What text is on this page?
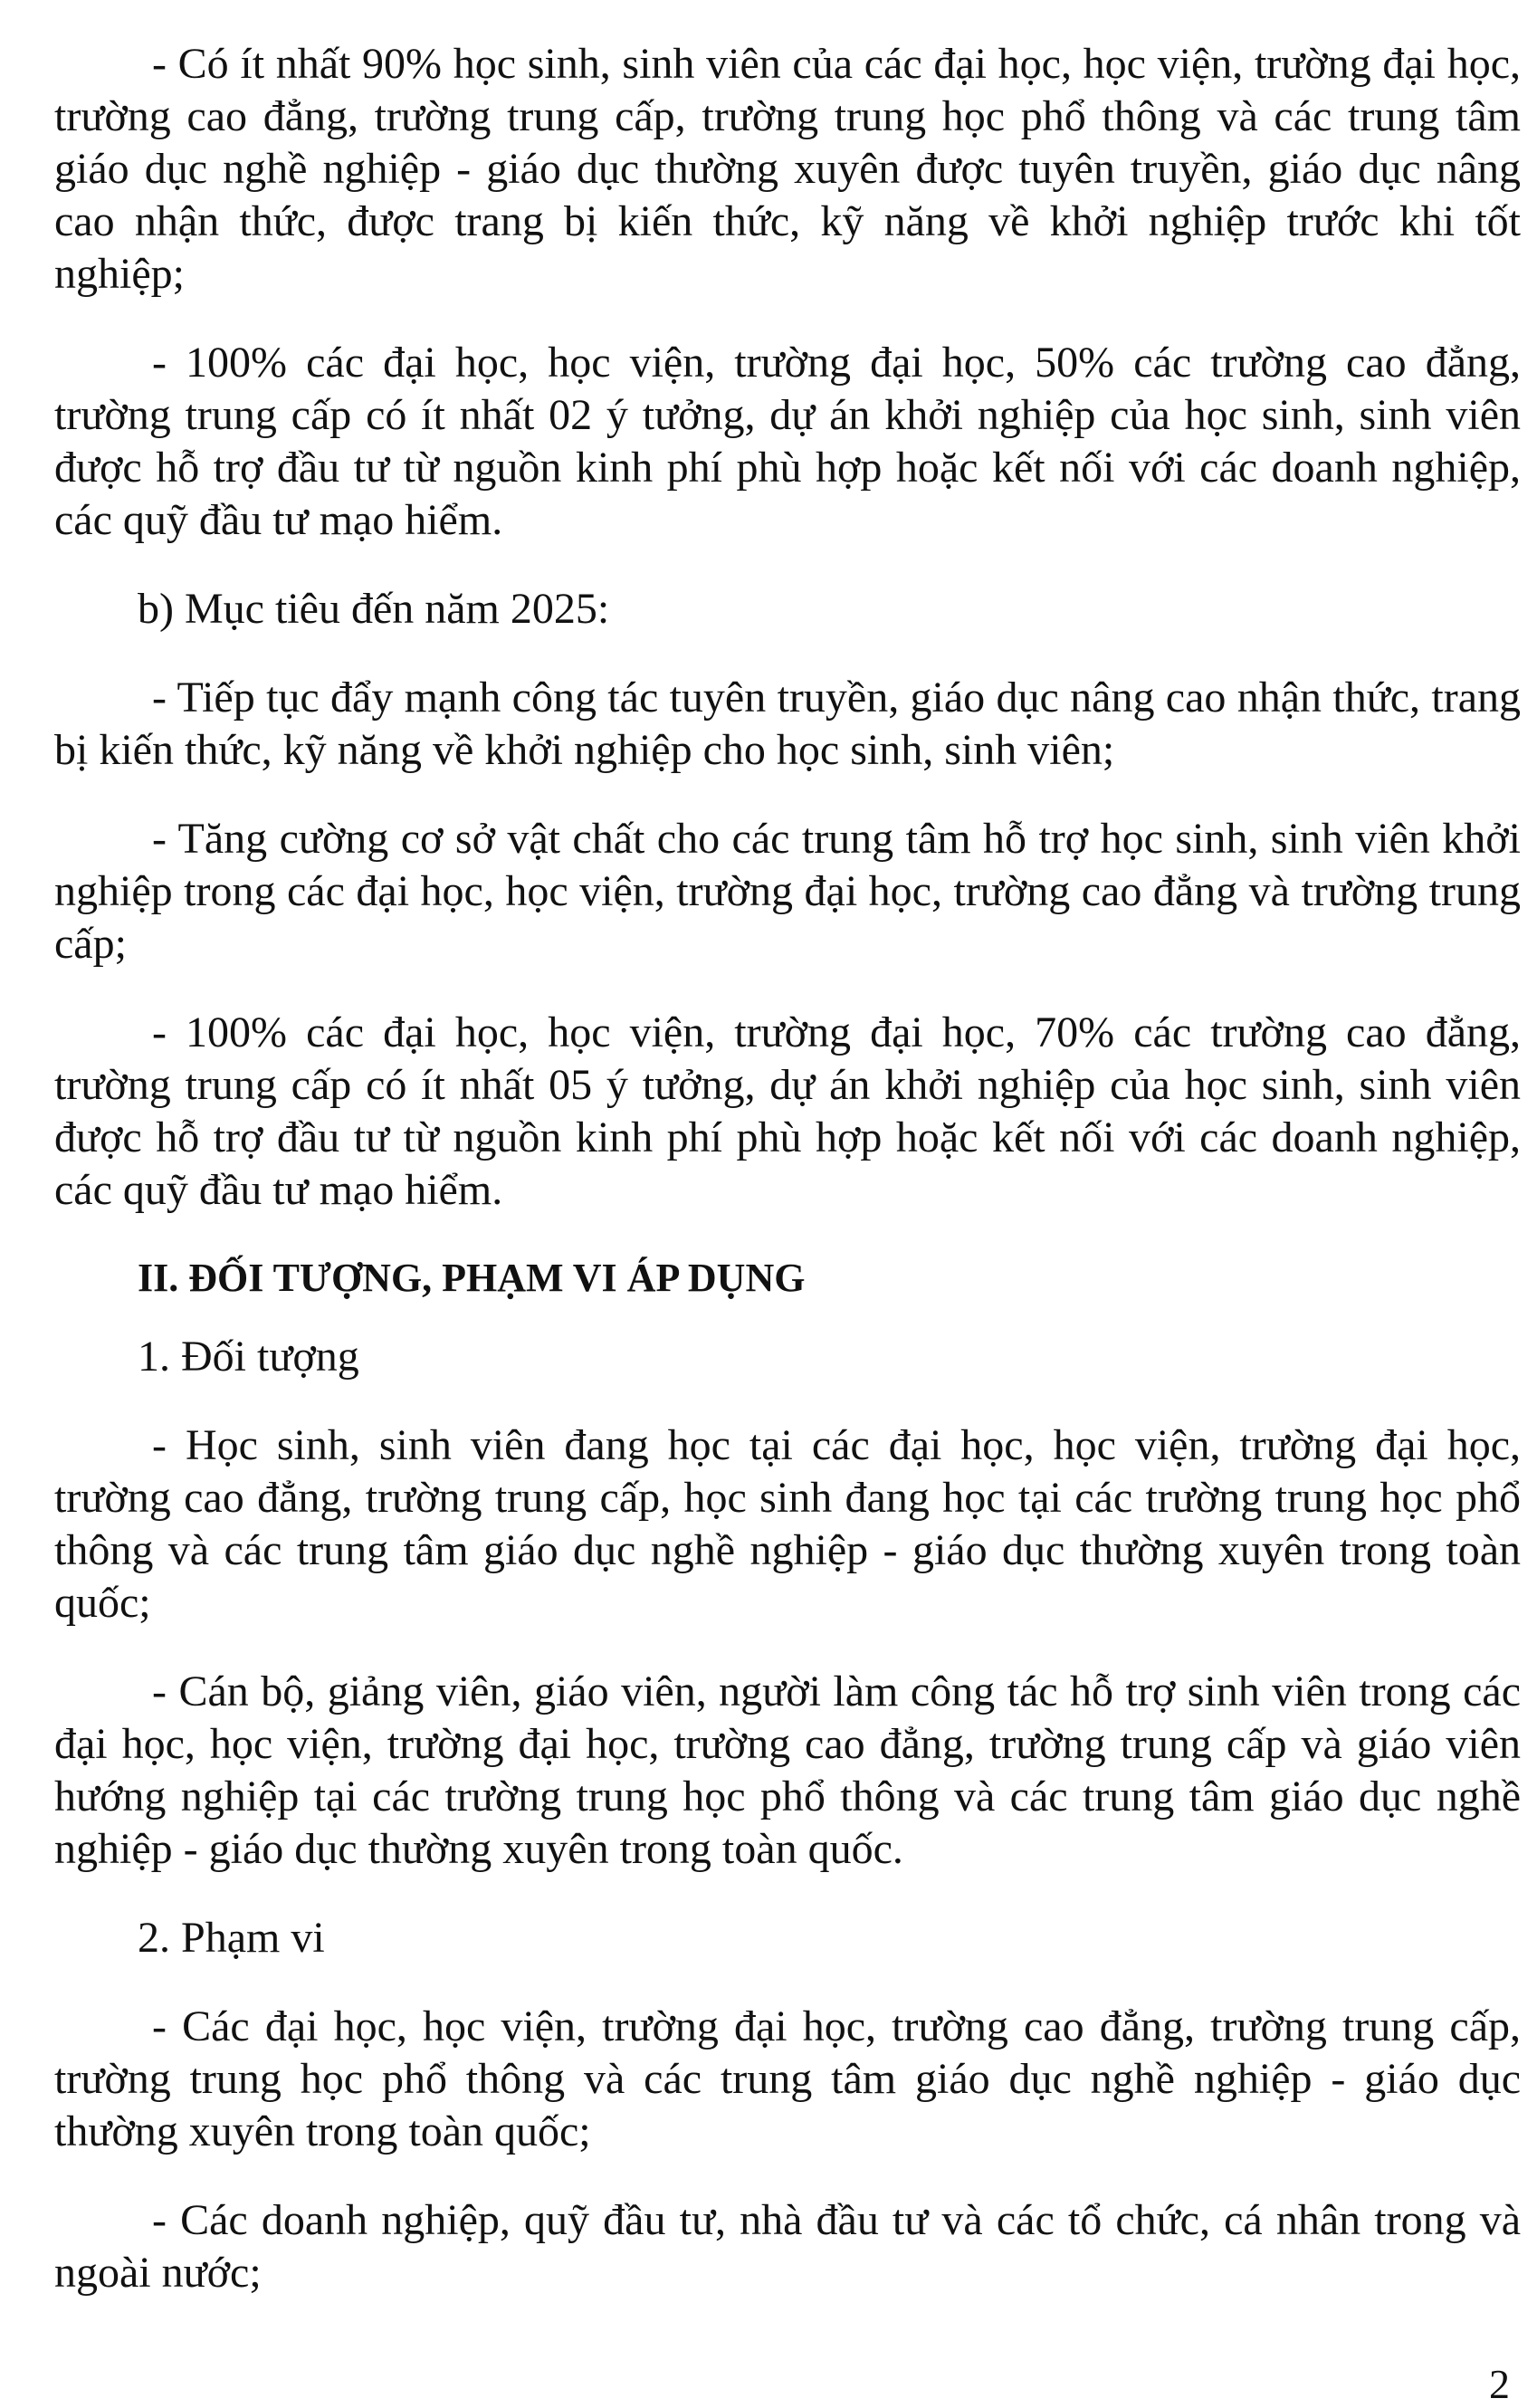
- Có ít nhất 90% học sinh, sinh viên của các đại học, học viện, trường đại học, trường cao đẳng, trường trung cấp, trường trung học phổ thông và các trung tâm giáo dục nghề nghiệp - giáo dục thường xuyên được tuyên truyền, giáo dục nâng cao nhận thức, được trang bị kiến thức, kỹ năng về khởi nghiệp trước khi tốt nghiệp;

- 100% các đại học, học viện, trường đại học, 50% các trường cao đẳng, trường trung cấp có ít nhất 02 ý tưởng, dự án khởi nghiệp của học sinh, sinh viên được hỗ trợ đầu tư từ nguồn kinh phí phù hợp hoặc kết nối với các doanh nghiệp, các quỹ đầu tư mạo hiểm.

b) Mục tiêu đến năm 2025:

- Tiếp tục đẩy mạnh công tác tuyên truyền, giáo dục nâng cao nhận thức, trang bị kiến thức, kỹ năng về khởi nghiệp cho học sinh, sinh viên;

- Tăng cường cơ sở vật chất cho các trung tâm hỗ trợ học sinh, sinh viên khởi nghiệp trong các đại học, học viện, trường đại học, trường cao đẳng và trường trung cấp;

- 100% các đại học, học viện, trường đại học, 70% các trường cao đẳng, trường trung cấp có ít nhất 05 ý tưởng, dự án khởi nghiệp của học sinh, sinh viên được hỗ trợ đầu tư từ nguồn kinh phí phù hợp hoặc kết nối với các doanh nghiệp, các quỹ đầu tư mạo hiểm.

II. ĐỐI TƯỢNG, PHẠM VI ÁP DỤNG

1. Đối tượng

- Học sinh, sinh viên đang học tại các đại học, học viện, trường đại học, trường cao đẳng, trường trung cấp, học sinh đang học tại các trường trung học phổ thông và các trung tâm giáo dục nghề nghiệp - giáo dục thường xuyên trong toàn quốc;

- Cán bộ, giảng viên, giáo viên, người làm công tác hỗ trợ sinh viên trong các đại học, học viện, trường đại học, trường cao đẳng, trường trung cấp và giáo viên hướng nghiệp tại các trường trung học phổ thông và các trung tâm giáo dục nghề nghiệp - giáo dục thường xuyên trong toàn quốc.

2. Phạm vi

- Các đại học, học viện, trường đại học, trường cao đẳng, trường trung cấp, trường trung học phổ thông và các trung tâm giáo dục nghề nghiệp - giáo dục thường xuyên trong toàn quốc;

- Các doanh nghiệp, quỹ đầu tư, nhà đầu tư và các tổ chức, cá nhân trong và ngoài nước;

2
